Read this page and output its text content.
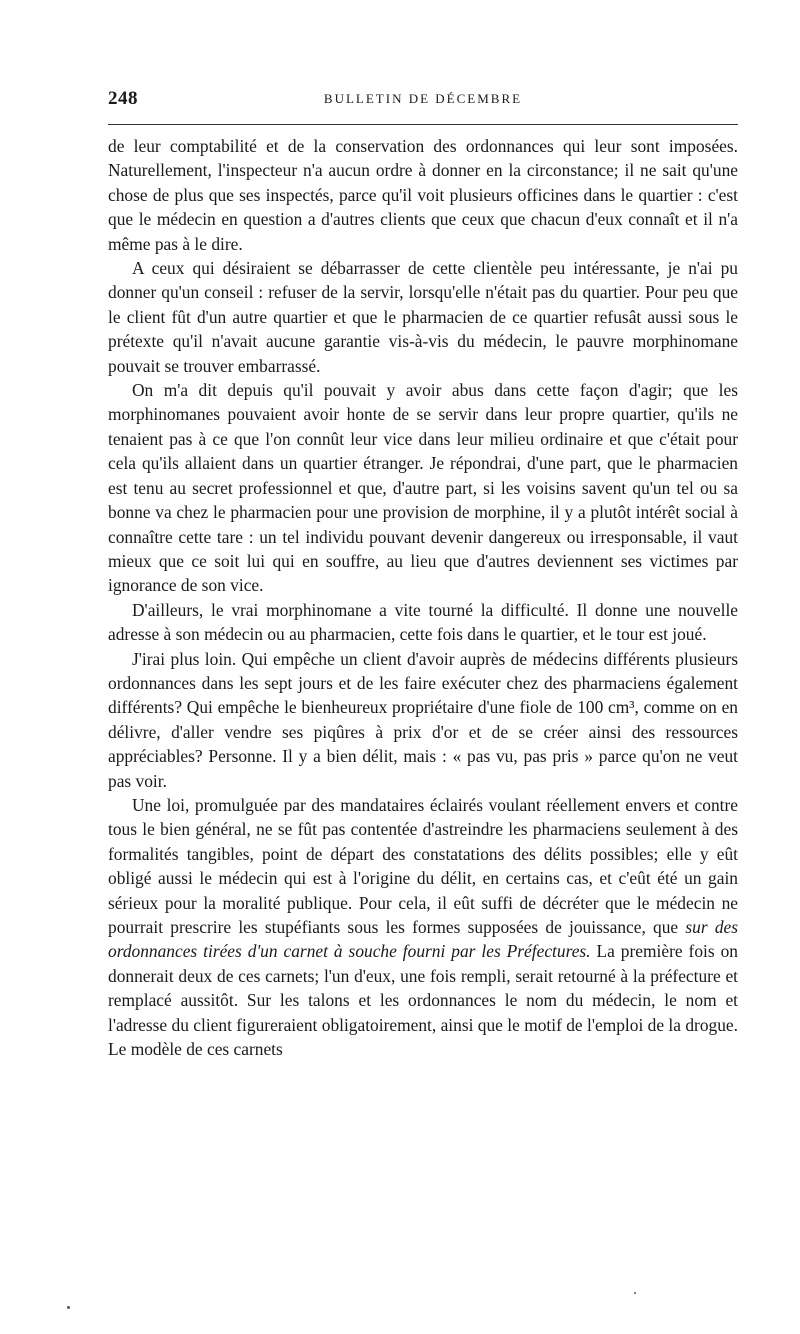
248	BULLETIN DE DÉCEMBRE

de leur comptabilité et de la conservation des ordonnances qui leur sont imposées. Naturellement, l'inspecteur n'a aucun ordre à donner en la circonstance; il ne sait qu'une chose de plus que ses inspectés, parce qu'il voit plusieurs officines dans le quartier : c'est que le médecin en question a d'autres clients que ceux que chacun d'eux connaît et il n'a même pas à le dire.

A ceux qui désiraient se débarrasser de cette clientèle peu intéressante, je n'ai pu donner qu'un conseil : refuser de la servir, lorsqu'elle n'était pas du quartier. Pour peu que le client fût d'un autre quartier et que le pharmacien de ce quartier refusât aussi sous le prétexte qu'il n'avait aucune garantie vis-à-vis du médecin, le pauvre morphinomane pouvait se trouver embarrassé.

On m'a dit depuis qu'il pouvait y avoir abus dans cette façon d'agir; que les morphinomanes pouvaient avoir honte de se servir dans leur propre quartier, qu'ils ne tenaient pas à ce que l'on connût leur vice dans leur milieu ordinaire et que c'était pour cela qu'ils allaient dans un quartier étranger. Je répondrai, d'une part, que le pharmacien est tenu au secret professionnel et que, d'autre part, si les voisins savent qu'un tel ou sa bonne va chez le pharmacien pour une provision de morphine, il y a plutôt intérêt social à connaître cette tare : un tel individu pouvant devenir dangereux ou irresponsable, il vaut mieux que ce soit lui qui en souffre, au lieu que d'autres deviennent ses victimes par ignorance de son vice.

D'ailleurs, le vrai morphinomane a vite tourné la difficulté. Il donne une nouvelle adresse à son médecin ou au pharmacien, cette fois dans le quartier, et le tour est joué.

J'irai plus loin. Qui empêche un client d'avoir auprès de médecins différents plusieurs ordonnances dans les sept jours et de les faire exécuter chez des pharmaciens également différents? Qui empêche le bienheureux propriétaire d'une fiole de 100 cm³, comme on en délivre, d'aller vendre ses piqûres à prix d'or et de se créer ainsi des ressources appréciables? Personne. Il y a bien délit, mais : « pas vu, pas pris » parce qu'on ne veut pas voir.

Une loi, promulguée par des mandataires éclairés voulant réellement envers et contre tous le bien général, ne se fût pas contentée d'astreindre les pharmaciens seulement à des formalités tangibles, point de départ des constatations des délits possibles; elle y eût obligé aussi le médecin qui est à l'origine du délit, en certains cas, et c'eût été un gain sérieux pour la moralité publique. Pour cela, il eût suffi de décréter que le médecin ne pourrait prescrire les stupéfiants sous les formes supposées de jouissance, que sur des ordonnances tirées d'un carnet à souche fourni par les Préfectures. La première fois on donnerait deux de ces carnets; l'un d'eux, une fois rempli, serait retourné à la préfecture et remplacé aussitôt. Sur les talons et les ordonnances le nom du médecin, le nom et l'adresse du client figureraient obligatoirement, ainsi que le motif de l'emploi de la drogue. Le modèle de ces carnets
